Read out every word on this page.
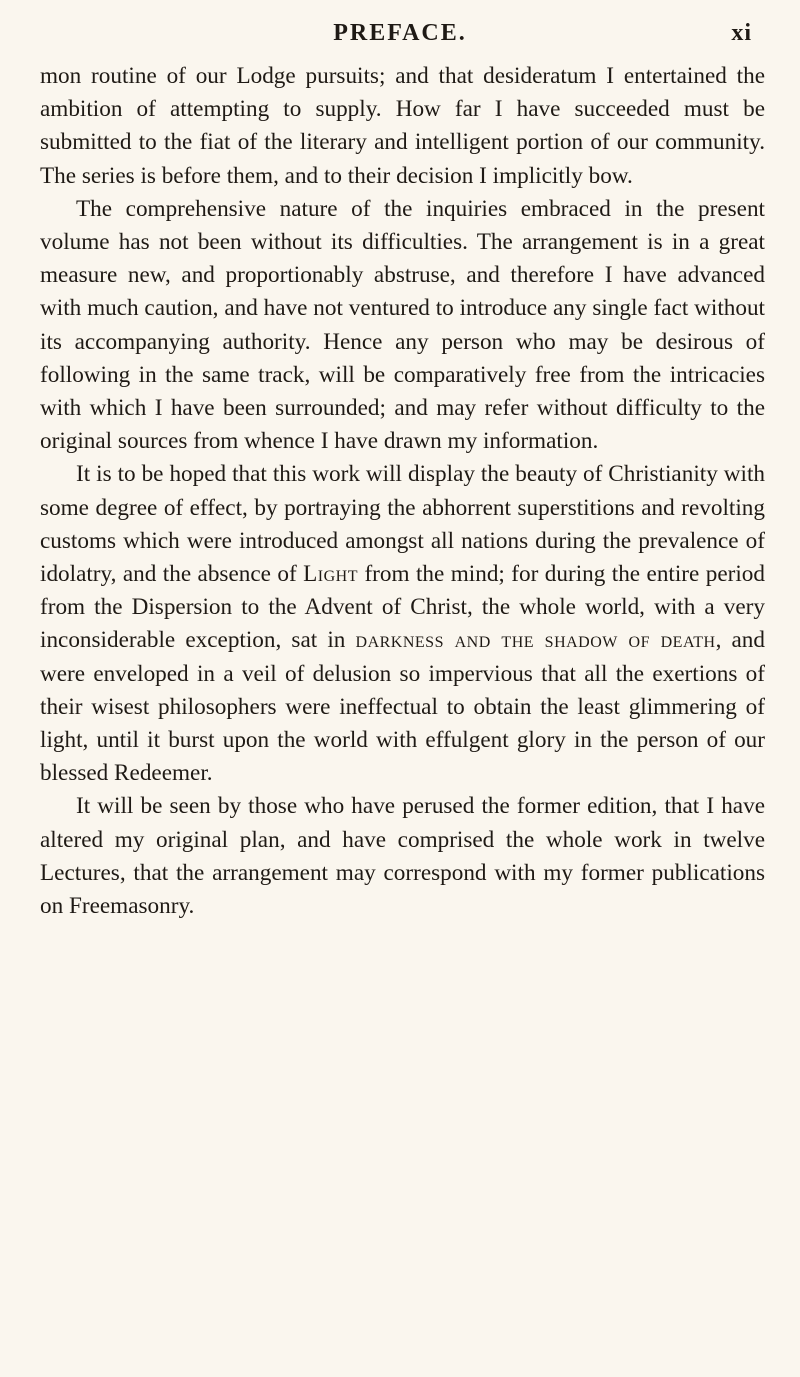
PREFACE.	xi

mon routine of our Lodge pursuits; and that desideratum I entertained the ambition of attempting to supply. How far I have succeeded must be submitted to the fiat of the literary and intelligent portion of our community. The series is before them, and to their decision I implicitly bow.

The comprehensive nature of the inquiries embraced in the present volume has not been without its difficulties. The arrangement is in a great measure new, and proportionably abstruse, and therefore I have advanced with much caution, and have not ventured to introduce any single fact without its accompanying authority. Hence any person who may be desirous of following in the same track, will be comparatively free from the intricacies with which I have been surrounded; and may refer without difficulty to the original sources from whence I have drawn my information.

It is to be hoped that this work will display the beauty of Christianity with some degree of effect, by portraying the abhorrent superstitions and revolting customs which were introduced amongst all nations during the prevalence of idolatry, and the absence of Light from the mind; for during the entire period from the Dispersion to the Advent of Christ, the whole world, with a very inconsiderable exception, sat in darkness and the shadow of death, and were enveloped in a veil of delusion so impervious that all the exertions of their wisest philosophers were ineffectual to obtain the least glimmering of light, until it burst upon the world with effulgent glory in the person of our blessed Redeemer.

It will be seen by those who have perused the former edition, that I have altered my original plan, and have comprised the whole work in twelve Lectures, that the arrangement may correspond with my former publications on Freemasonry.
